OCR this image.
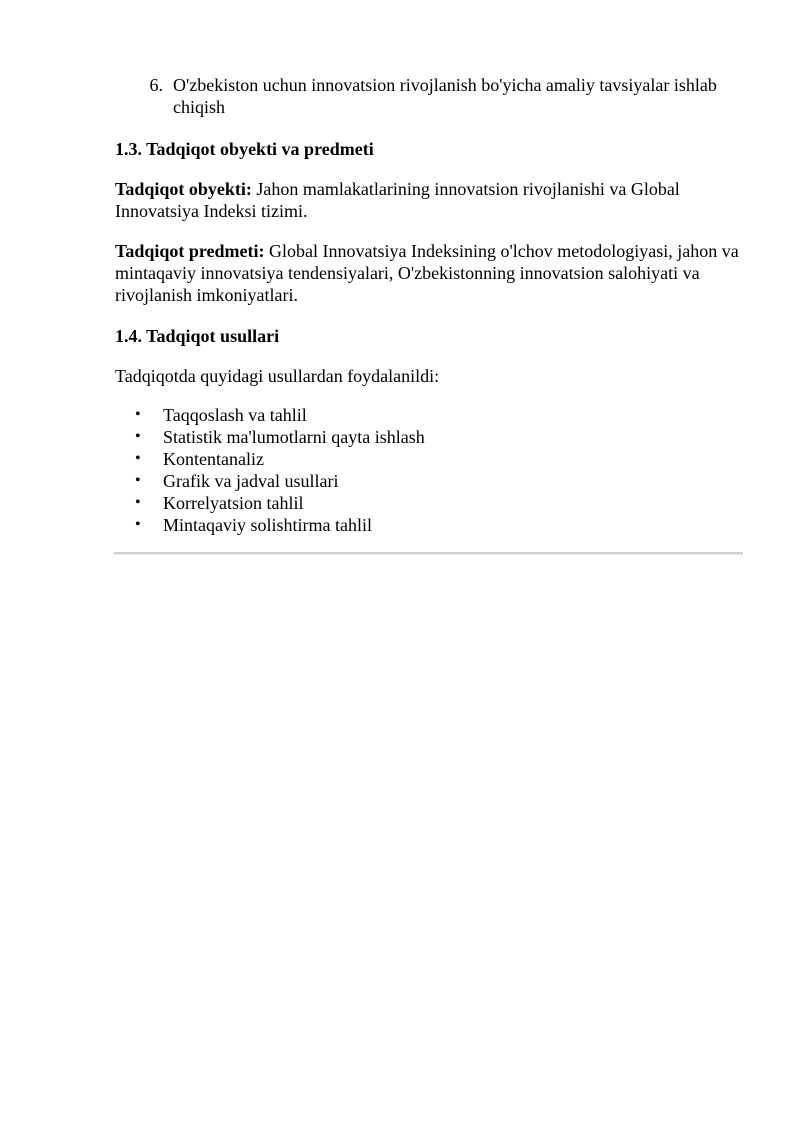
6. O'zbekiston uchun innovatsion rivojlanish bo'yicha amaliy tavsiyalar ishlab chiqish
1.3. Tadqiqot obyekti va predmeti

Tadqiqot obyekti: Jahon mamlakatlarining innovatsion rivojlanishi va Global Innovatsiya Indeksi tizimi.

Tadqiqot predmeti: Global Innovatsiya Indeksining o'lchov metodologiyasi, jahon va mintaqaviy innovatsiya tendensiyalari, O'zbekistonning innovatsion salohiyati va rivojlanish imkoniyatlari.

1.4. Tadqiqot usullari

Tadqiqotda quyidagi usullardan foydalanildi:

•	Taqqoslash va tahlil
•	Statistik ma'lumotlarni qayta ishlash
•	Kontentanaliz
•	Grafik va jadval usullari
•	Korrelyatsion tahlil
•	Mintaqaviy solishtirma tahlil
